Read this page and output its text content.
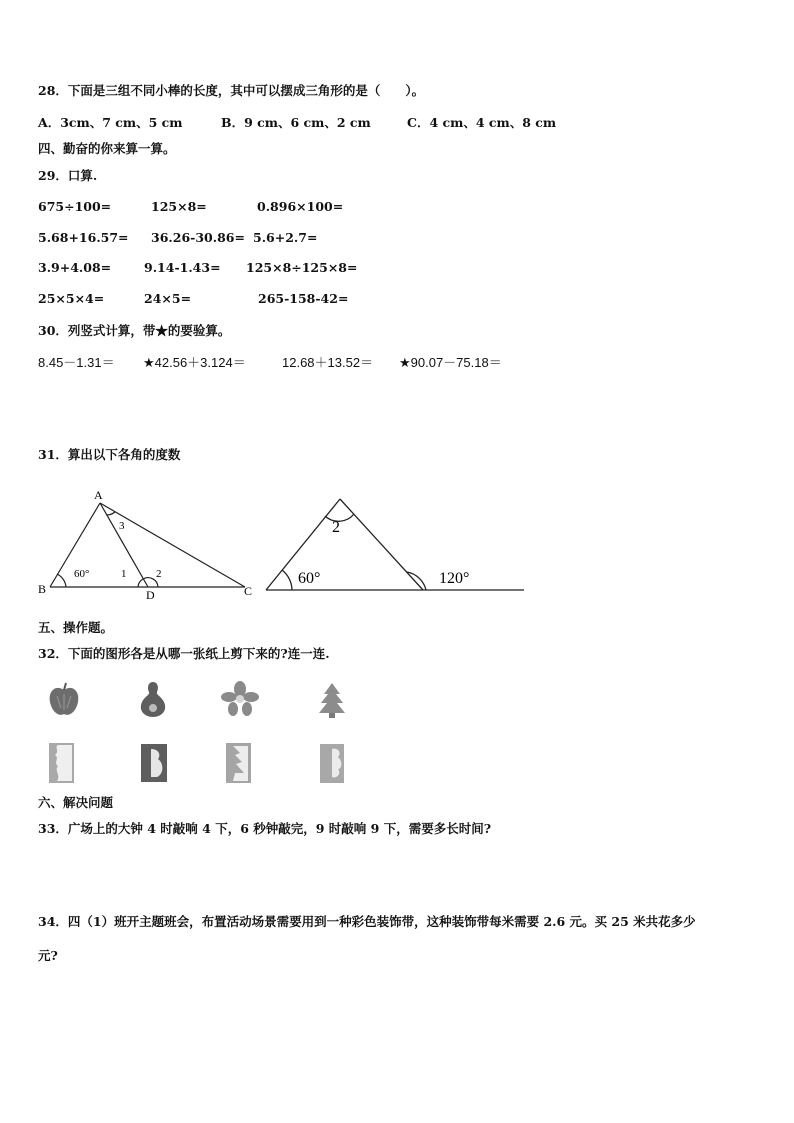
28．下面是三组不同小棒的长度，其中可以摆成三角形的是（　　）。
A．3cm、7 cm、5 cm	B．9 cm、6 cm、2 cm	C．4 cm、4 cm、8 cm
四、勤奋的你来算一算。
29．口算.
675÷100=	125×8=	0.896×100=
5.68+16.57= 36.26-30.86= 5.6+2.7=
3.9+4.08=	9.14-1.43= 125×8÷125×8=
25×5×4=	24×5=	265-158-42=
30．列竖式计算，带★的要验算。
8.45－1.31＝ ★42.56＋3.124＝	12.68＋13.52＝ ★90.07－75.18＝
31．算出以下各角的度数
A
B	C
D
60°	1	2
3	2
60°	120°
五、操作题。
32．下面的图形各是从哪一张纸上剪下来的?连一连.
六、解决问题
33．广场上的大钟 4 时敲响 4 下，6 秒钟敲完，9 时敲响 9 下，需要多长时间?
34．四（1）班开主题班会，布置活动场景需要用到一种彩色装饰带，这种装饰带每米需要 2.6 元。买 25 米共花多少
元?
